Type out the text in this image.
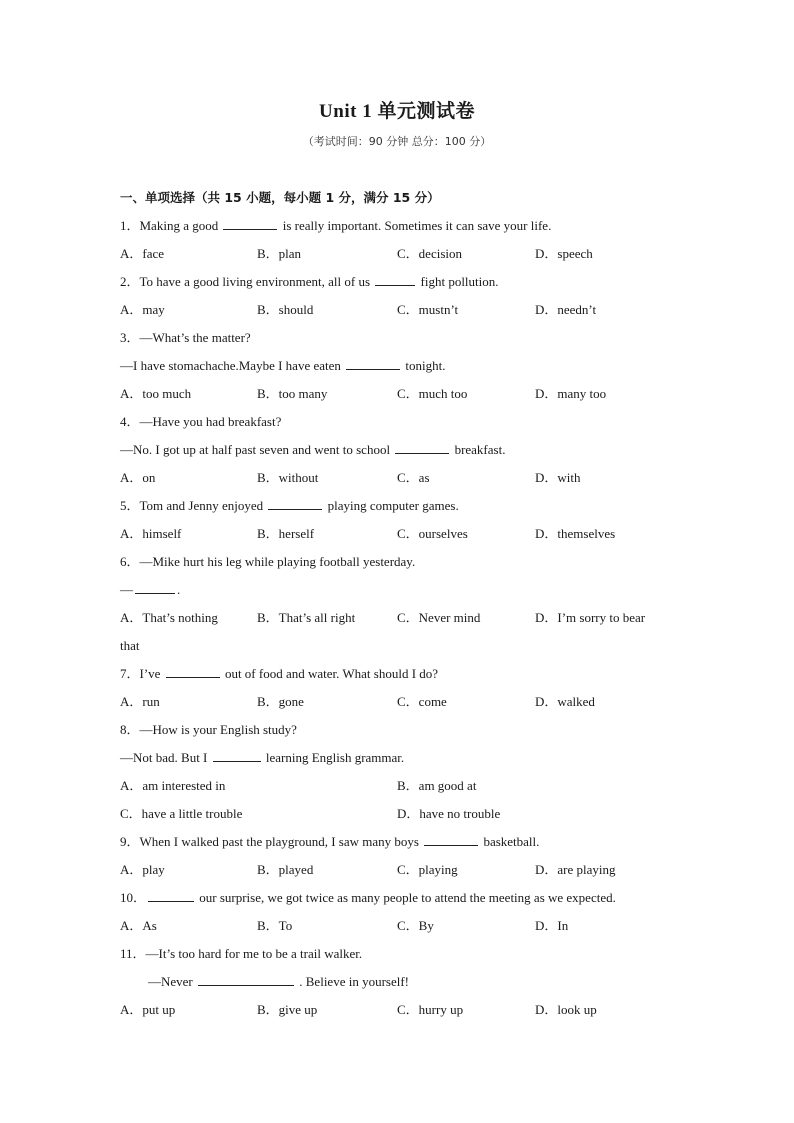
Unit 1 单元测试卷
（考试时间：90 分钟 总分：100 分）
一、单项选择（共 15 小题，每小题 1 分，满分 15 分）
1．Making a good	is really important. Sometimes it can save your life.
A．face	B．plan	C．decision	D．speech
2．To have a good living environment, all of us	fight pollution.
A．may	B．should	C．mustn’t	D．needn’t
3．—What’s the matter?
—I have stomachache.Maybe I have eaten	tonight.
A．too much	B．too many	C．much too	D．many too
4．—Have you had breakfast?
—No. I got up at half past seven and went to school	breakfast.
A．on	B．without	C．as	D．with
5．Tom and Jenny enjoyed	playing computer games.
A．himself	B．herself	C．ourselves	D．themselves
6．—Mike hurt his leg while playing football yesterday.
—	.
A．That’s nothing	B．That’s all right	C．Never mind	D．I’m sorry to bear
that
7．I’ve	out of food and water. What should I do?
A．run	B．gone	C．come	D．walked
8．—How is your English study?
—Not bad. But I	learning English grammar.
A．am interested in	B．am good at
C．have a little trouble	D．have no trouble
9．When I walked past the playground, I saw many boys	basketball.
A．play	B．played	C．playing	D．are playing
10．	our surprise, we got twice as many people to attend the meeting as we expected.
A．As	B．To	C．By	D．In
11．—It’s too hard for me to be a trail walker.
—Never	. Believe in yourself!
A．put up	B．give up	C．hurry up	D．look up
